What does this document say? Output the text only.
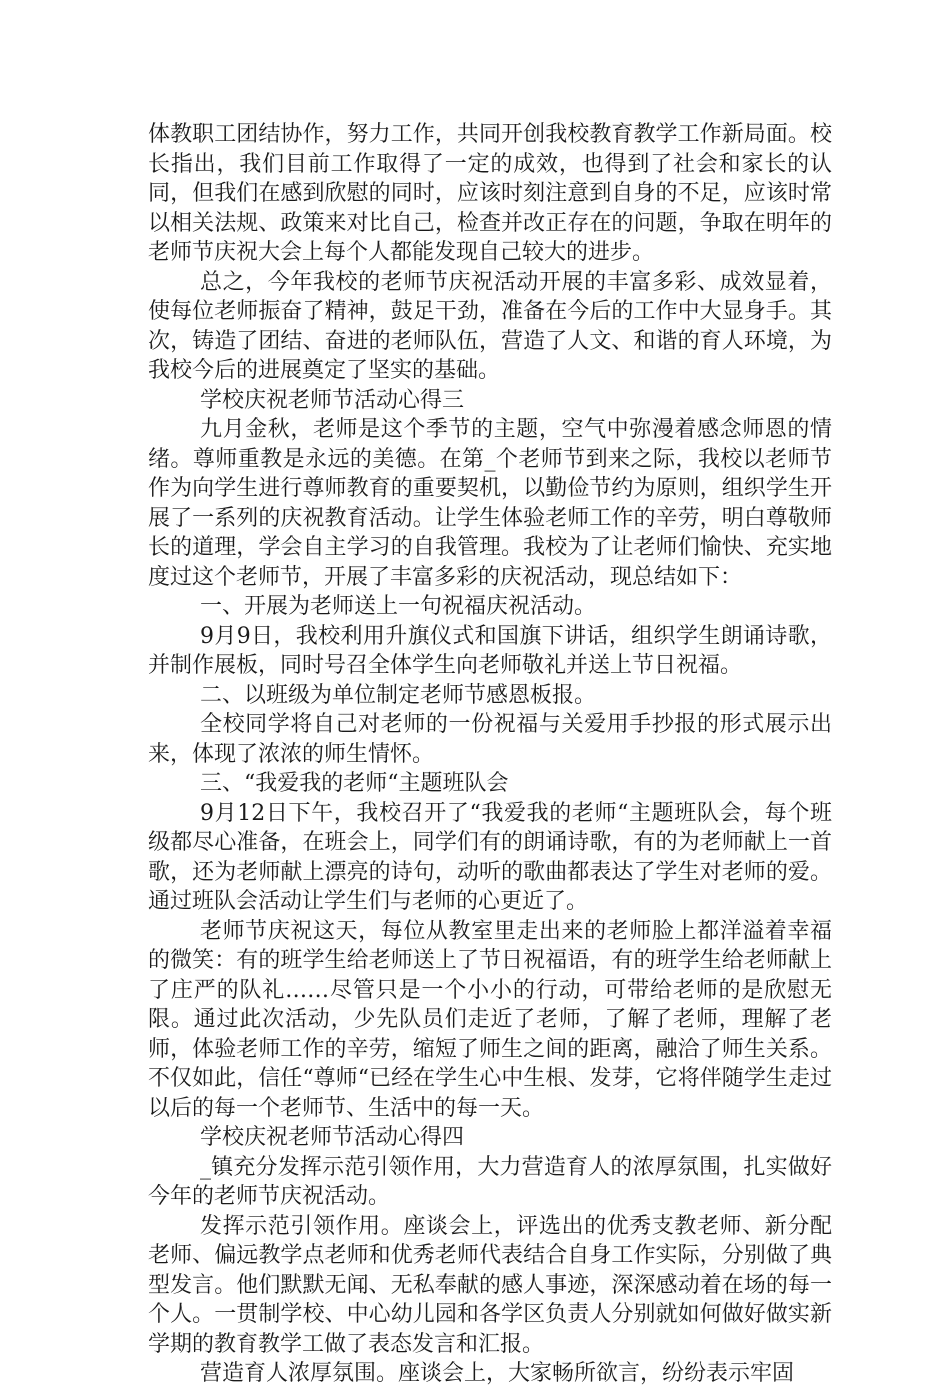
体教职工团结协作，努力工作，共同开创我校教育教学工作新局面。校长指出，我们目前工作取得了一定的成效，也得到了社会和家长的认同，但我们在感到欣慰的同时，应该时刻注意到自身的不足，应该时常以相关法规、政策来对比自己，检查并改正存在的问题，争取在明年的老师节庆祝大会上每个人都能发现自己较大的进步。

总之，今年我校的老师节庆祝活动开展的丰富多彩、成效显着，使每位老师振奋了精神，鼓足干劲，准备在今后的工作中大显身手。其次，铸造了团结、奋进的老师队伍，营造了人文、和谐的育人环境，为我校今后的进展奠定了坚实的基础。

学校庆祝老师节活动心得三

九月金秋，老师是这个季节的主题，空气中弥漫着感念师恩的情绪。尊师重教是永远的美德。在第_个老师节到来之际，我校以老师节作为向学生进行尊师教育的重要契机，以勤俭节约为原则，组织学生开展了一系列的庆祝教育活动。让学生体验老师工作的辛劳，明白尊敬师长的道理，学会自主学习的自我管理。我校为了让老师们愉快、充实地度过这个老师节，开展了丰富多彩的庆祝活动，现总结如下：

一、开展为老师送上一句祝福庆祝活动。

9月9日，我校利用升旗仪式和国旗下讲话，组织学生朗诵诗歌，并制作展板，同时号召全体学生向老师敬礼并送上节日祝福。

二、以班级为单位制定老师节感恩板报。

全校同学将自己对老师的一份祝福与关爱用手抄报的形式展示出来，体现了浓浓的师生情怀。

三、“我爱我的老师“主题班队会

9月12日下午，我校召开了“我爱我的老师“主题班队会，每个班级都尽心准备，在班会上，同学们有的朗诵诗歌，有的为老师献上一首歌，还为老师献上漂亮的诗句，动听的歌曲都表达了学生对老师的爱。通过班队会活动让学生们与老师的心更近了。

老师节庆祝这天，每位从教室里走出来的老师脸上都洋溢着幸福的微笑：有的班学生给老师送上了节日祝福语，有的班学生给老师献上了庄严的队礼……尽管只是一个小小的行动，可带给老师的是欣慰无限。通过此次活动，少先队员们走近了老师，了解了老师，理解了老师，体验老师工作的辛劳，缩短了师生之间的距离，融洽了师生关系。不仅如此，信任“尊师“已经在学生心中生根、发芽，它将伴随学生走过以后的每一个老师节、生活中的每一天。

学校庆祝老师节活动心得四

_镇充分发挥示范引领作用，大力营造育人的浓厚氛围，扎实做好今年的老师节庆祝活动。

发挥示范引领作用。座谈会上，评选出的优秀支教老师、新分配老师、偏远教学点老师和优秀老师代表结合自身工作实际，分别做了典型发言。他们默默无闻、无私奉献的感人事迹，深深感动着在场的每一个人。一贯制学校、中心幼儿园和各学区负责人分别就如何做好做实新学期的教育教学工做了表态发言和汇报。

营造育人浓厚氛围。座谈会上，大家畅所欲言，纷纷表示牢固
